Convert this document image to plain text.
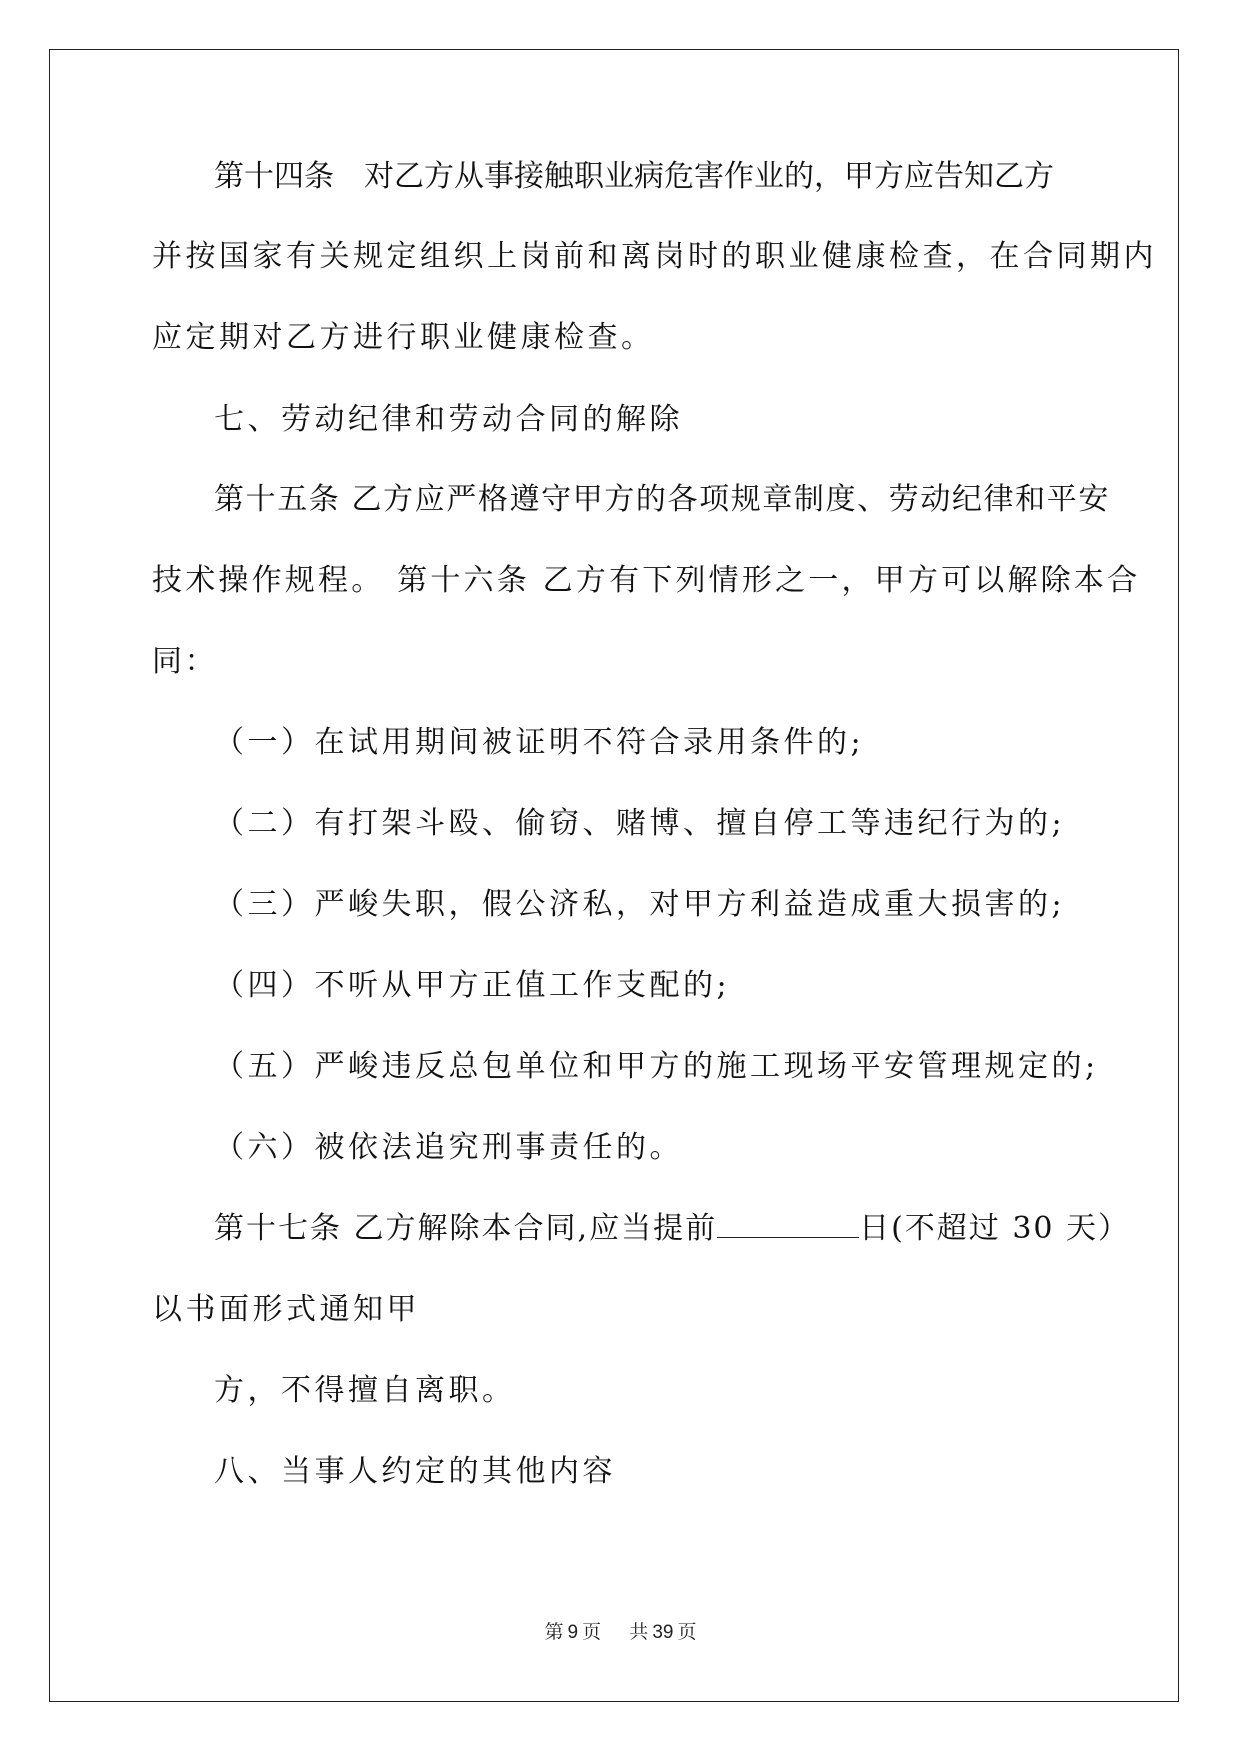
第十四条　对乙方从事接触职业病危害作业的，甲方应告知乙方
并按国家有关规定组织上岗前和离岗时的职业健康检查，在合同期内
应定期对乙方进行职业健康检查。
七、劳动纪律和劳动合同的解除
第十五条 乙方应严格遵守甲方的各项规章制度、劳动纪律和平安
技术操作规程。 第十六条 乙方有下列情形之一，甲方可以解除本合
同：
（一）在试用期间被证明不符合录用条件的;
（二）有打架斗殴、偷窃、赌博、擅自停工等违纪行为的;
（三）严峻失职，假公济私，对甲方利益造成重大损害的;
（四）不听从甲方正值工作支配的;
（五）严峻违反总包单位和甲方的施工现场平安管理规定的;
（六）被依法追究刑事责任的。
第十七条 乙方解除本合同,应当提前	日(不超过 30 天）
以书面形式通知甲
方，不得擅自离职。
八、当事人约定的其他内容
第 9 页 共 39 页
